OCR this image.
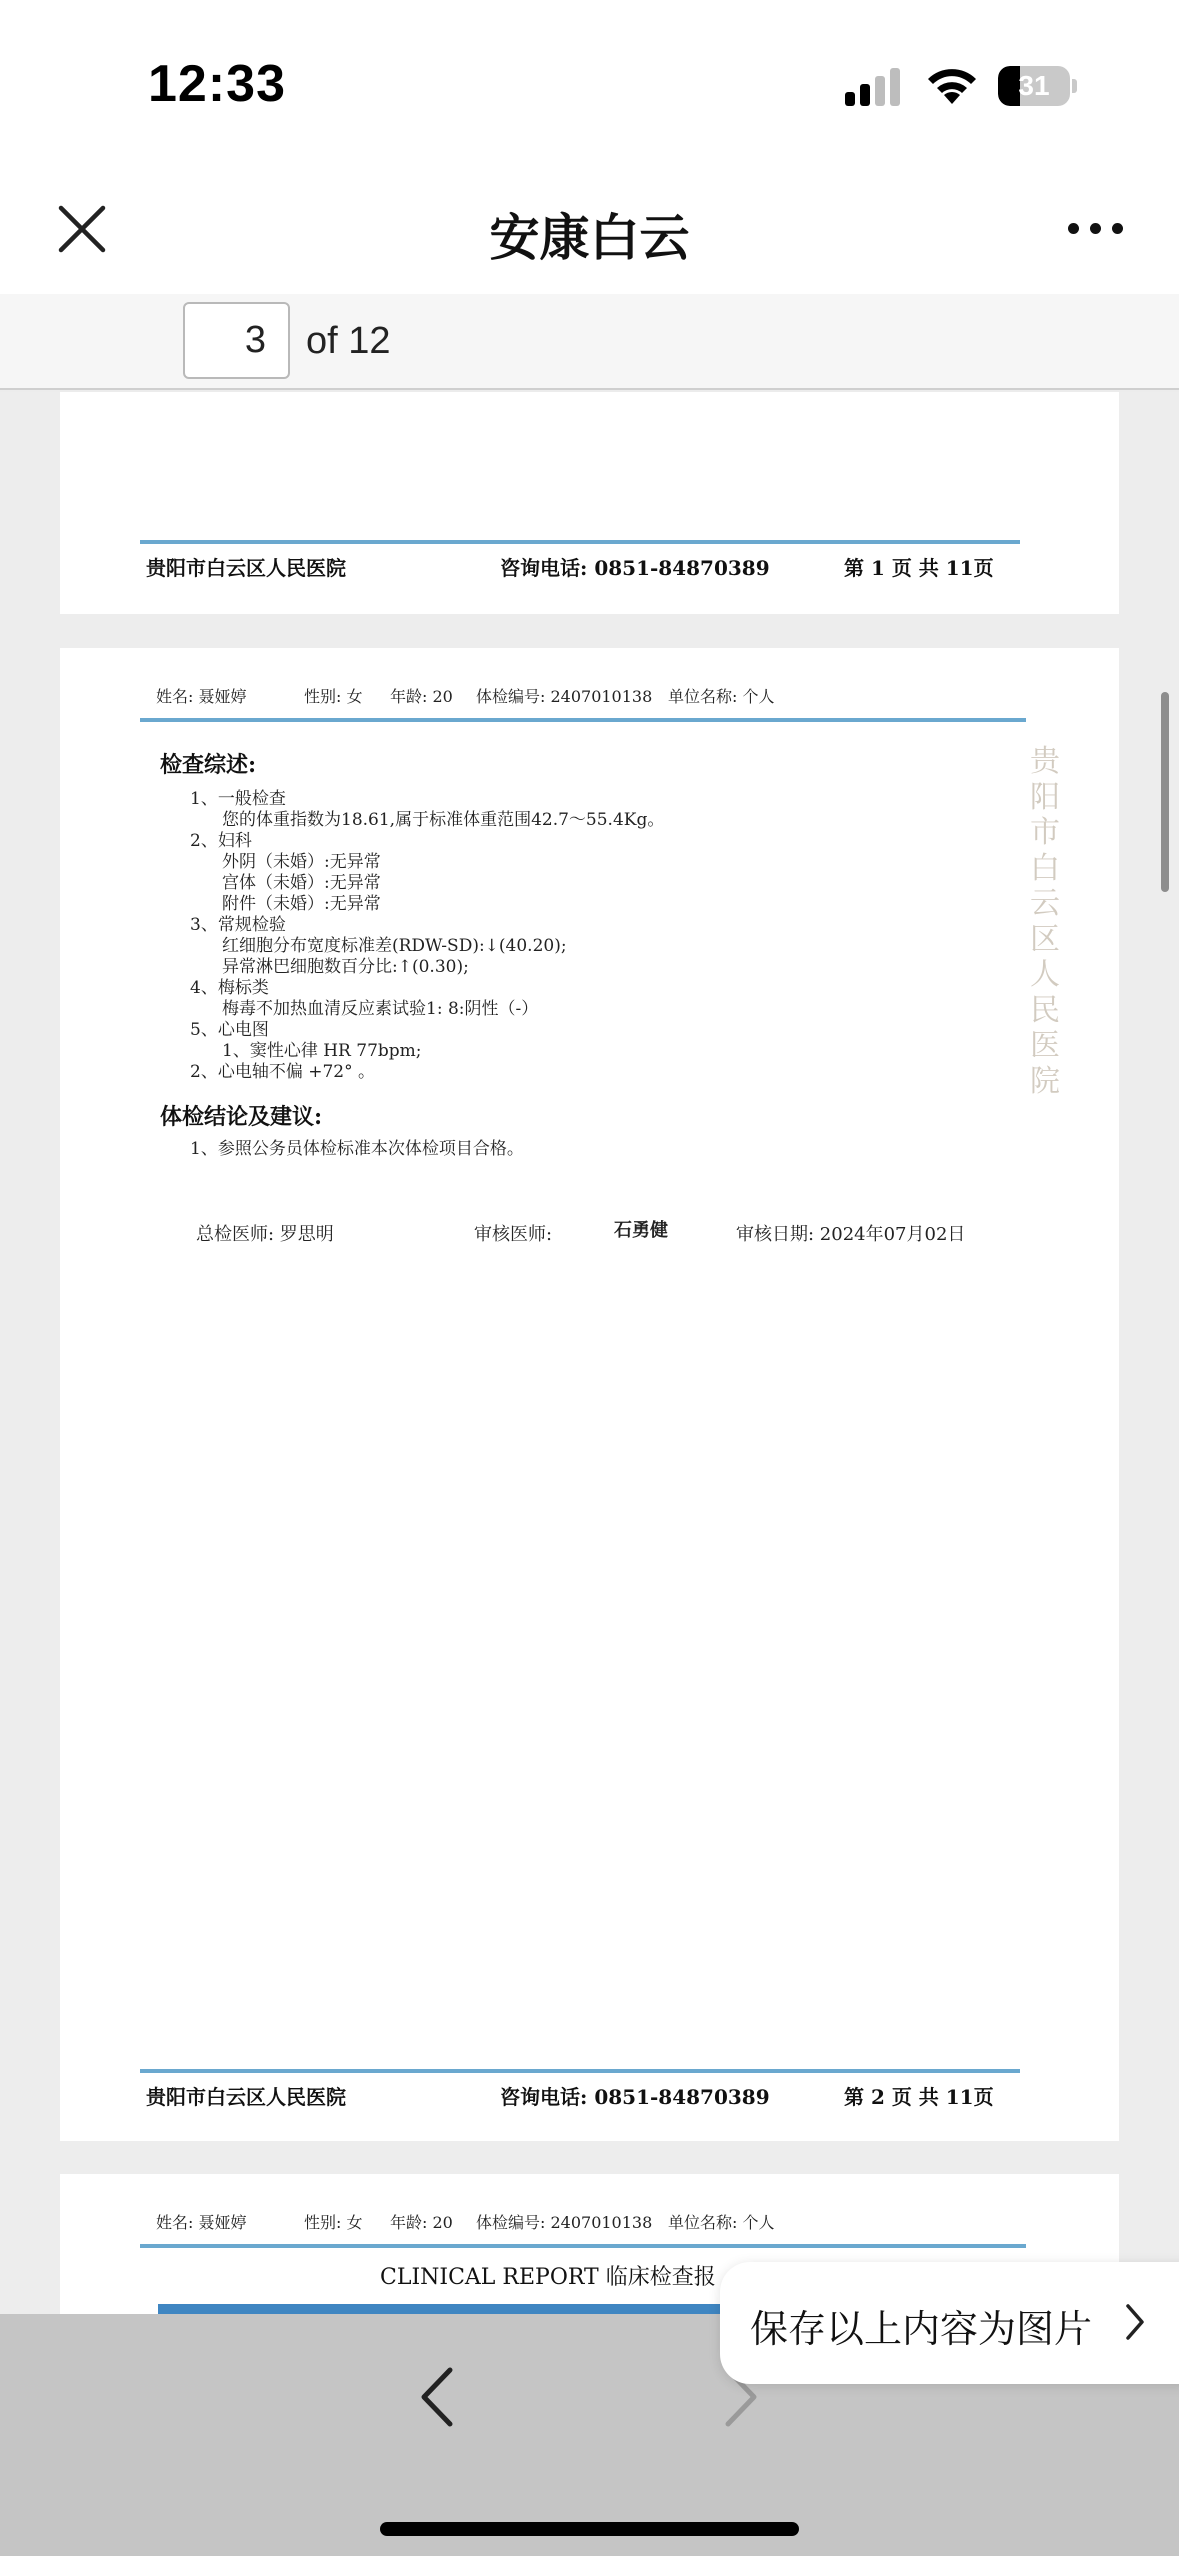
12:33	31
安康白云
3	of 12
贵阳市白云区人民医院	咨询电话: 0851-84870389	第 1 页 共 11页
姓名: 聂娅婷	性别: 女 年龄: 20 体检编号: 2407010138 单位名称: 个人
贵阳市白云区人民医院
检查综述:
1、一般检查
您的体重指数为18.61,属于标准体重范围42.7～55.4Kg。
2、妇科
外阴（未婚）:无异常
宫体（未婚）:无异常
附件（未婚）:无异常
3、常规检验
红细胞分布宽度标准差(RDW-SD):↓(40.20);
异常淋巴细胞数百分比:↑(0.30);
4、梅标类
梅毒不加热血清反应素试验1: 8:阴性（-）
5、心电图
1、窦性心律 HR 77bpm;
2、心电轴不偏 +72° 。
体检结论及建议:
1、参照公务员体检标准本次体检项目合格。
总检医师: 罗思明	审核医师:	石勇健	审核日期: 2024年07月02日
贵阳市白云区人民医院	咨询电话: 0851-84870389	第 2 页 共 11页
姓名: 聂娅婷	性别: 女 年龄: 20 体检编号: 2407010138 单位名称: 个人
CLINICAL REPORT 临床检查报
保存以上内容为图片
